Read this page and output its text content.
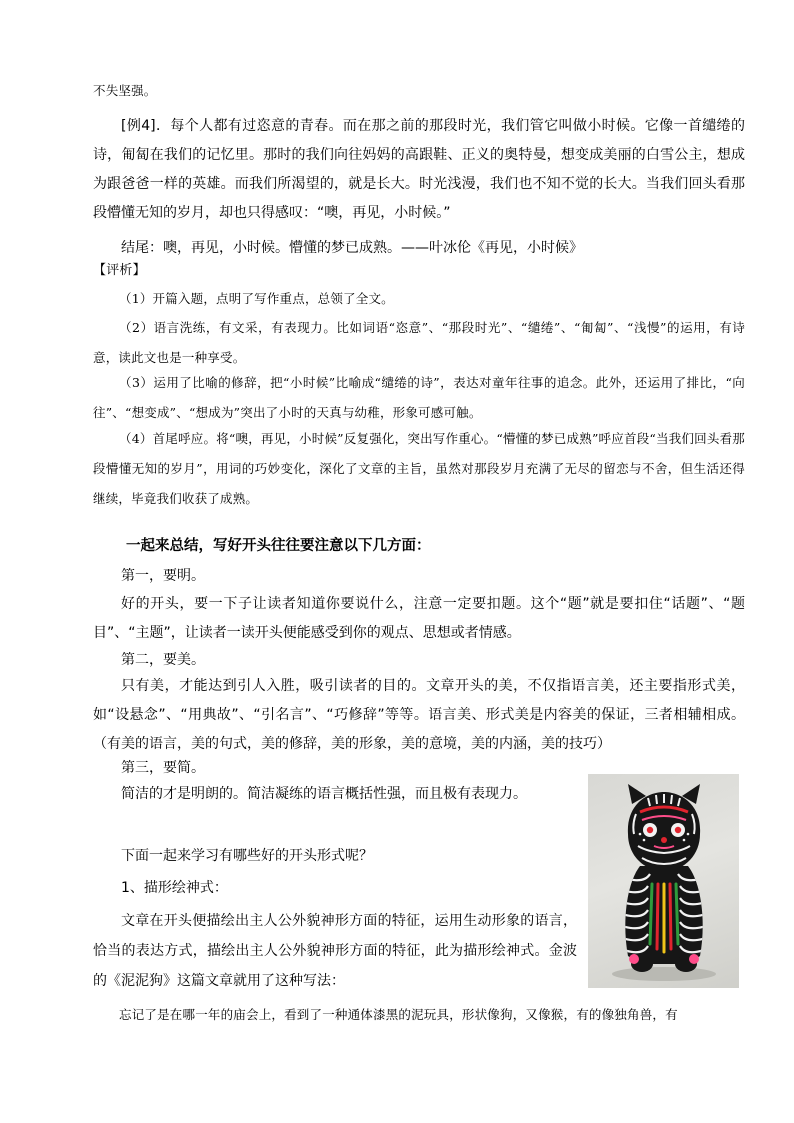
不失坚强。

[例4]．每个人都有过恣意的青春。而在那之前的那段时光，我们管它叫做小时候。它像一首缱绻的诗，匍匐在我们的记忆里。那时的我们向往妈妈的高跟鞋、正义的奥特曼，想变成美丽的白雪公主，想成为跟爸爸一样的英雄。而我们所渴望的，就是长大。时光浅漫，我们也不知不觉的长大。当我们回头看那段懵懂无知的岁月，却也只得感叹：“噢，再见，小时候。”

结尾：噢，再见，小时候。懵懂的梦已成熟。——叶冰伦《再见，小时候》

【评析】

（1）开篇入题，点明了写作重点，总领了全文。

（2）语言洗练，有文采，有表现力。比如词语“恣意”、“那段时光”、“缱绻”、“匍匐”、“浅慢”的运用，有诗意，读此文也是一种享受。

（3）运用了比喻的修辞，把“小时候”比喻成“缱绻的诗”，表达对童年往事的追念。此外，还运用了排比，“向往”、“想变成”、“想成为”突出了小时的天真与幼稚，形象可感可触。

（4）首尾呼应。将“噢，再见，小时候”反复强化，突出写作重心。“懵懂的梦已成熟”呼应首段“当我们回头看那段懵懂无知的岁月”，用词的巧妙变化，深化了文章的主旨，虽然对那段岁月充满了无尽的留恋与不舍，但生活还得继续，毕竟我们收获了成熟。

一起来总结，写好开头往往要注意以下几方面：

第一，要明。

好的开头，要一下子让读者知道你要说什么，注意一定要扣题。这个“题”就是要扣住“话题”、“题目”、“主题”，让读者一读开头便能感受到你的观点、思想或者情感。

第二，要美。

只有美，才能达到引人入胜，吸引读者的目的。文章开头的美，不仅指语言美，还主要指形式美，如“设悬念”、“用典故”、“引名言”、“巧修辞”等等。语言美、形式美是内容美的保证，三者相辅相成。（有美的语言，美的句式，美的修辞，美的形象，美的意境，美的内涵，美的技巧）

第三，要简。

简洁的才是明朗的。简洁凝练的语言概括性强，而且极有表现力。

下面一起来学习有哪些好的开头形式呢？

1、描形绘神式：

文章在开头便描绘出主人公外貌神形方面的特征，运用生动形象的语言，恰当的表达方式，描绘出主人公外貌神形方面的特征，此为描形绘神式。金波的《泥泥狗》这篇文章就用了这种写法：

忘记了是在哪一年的庙会上，看到了一种通体漆黑的泥玩具，形状像狗，又像猴，有的像独角兽，有
